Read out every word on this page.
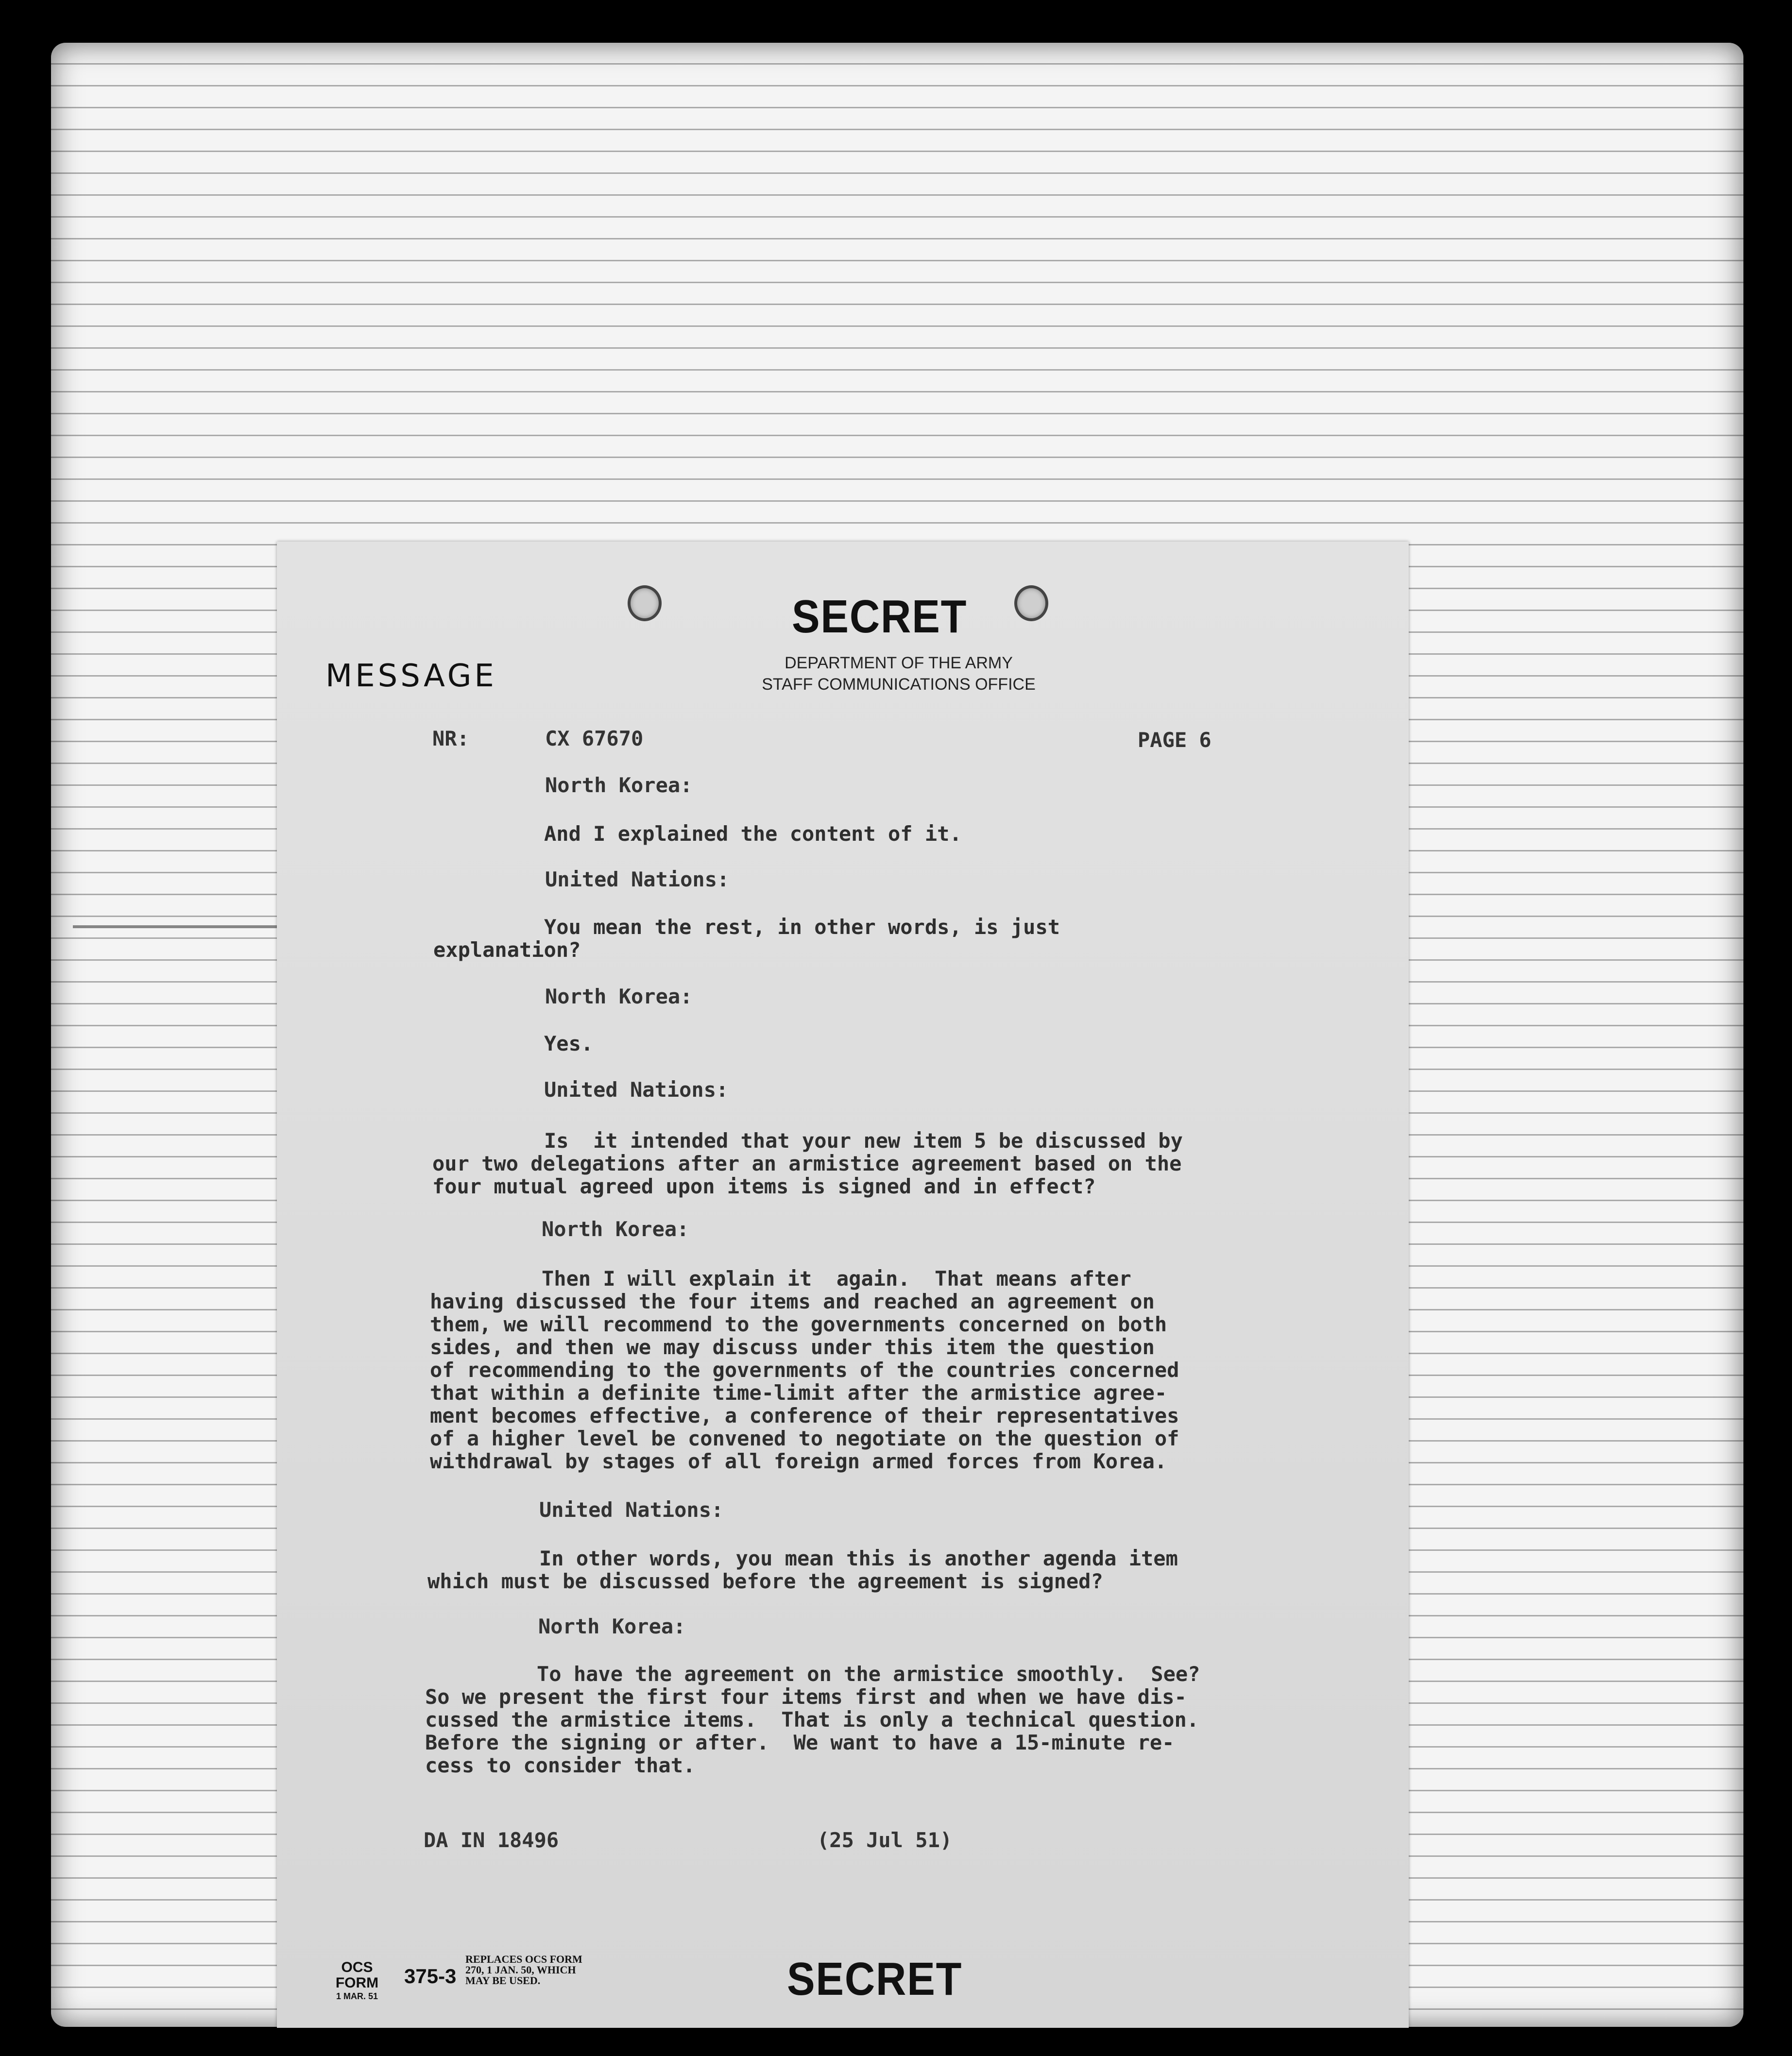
SECRET
DEPARTMENT OF THE ARMY
STAFF COMMUNICATIONS OFFICE
MESSAGE
NR:	CX 67670	PAGE 6
North Korea:
And I explained the content of it.
United Nations:
You mean the rest, in other words, is just
explanation?
North Korea:
Yes.
United Nations:
Is  it intended that your new item 5 be discussed by
our two delegations after an armistice agreement based on the
four mutual agreed upon items is signed and in effect?
North Korea:
Then I will explain it  again.  That means after
having discussed the four items and reached an agreement on
them, we will recommend to the governments concerned on both
sides, and then we may discuss under this item the question
of recommending to the governments of the countries concerned
that within a definite time-limit after the armistice agree-
ment becomes effective, a conference of their representatives
of a higher level be convened to negotiate on the question of
withdrawal by stages of all foreign armed forces from Korea.
United Nations:
In other words, you mean this is another agenda item
which must be discussed before the agreement is signed?
North Korea:
To have the agreement on the armistice smoothly.  See?
So we present the first four items first and when we have dis-
cussed the armistice items.  That is only a technical question.
Before the signing or after.  We want to have a 15-minute re-
cess to consider that.
DA IN 18496	(25 Jul 51)
OCS FORM
1 MAR. 51
375-3
REPLACES OCS FORM
270, 1 JAN. 50, WHICH
MAY BE USED.	SECRET
